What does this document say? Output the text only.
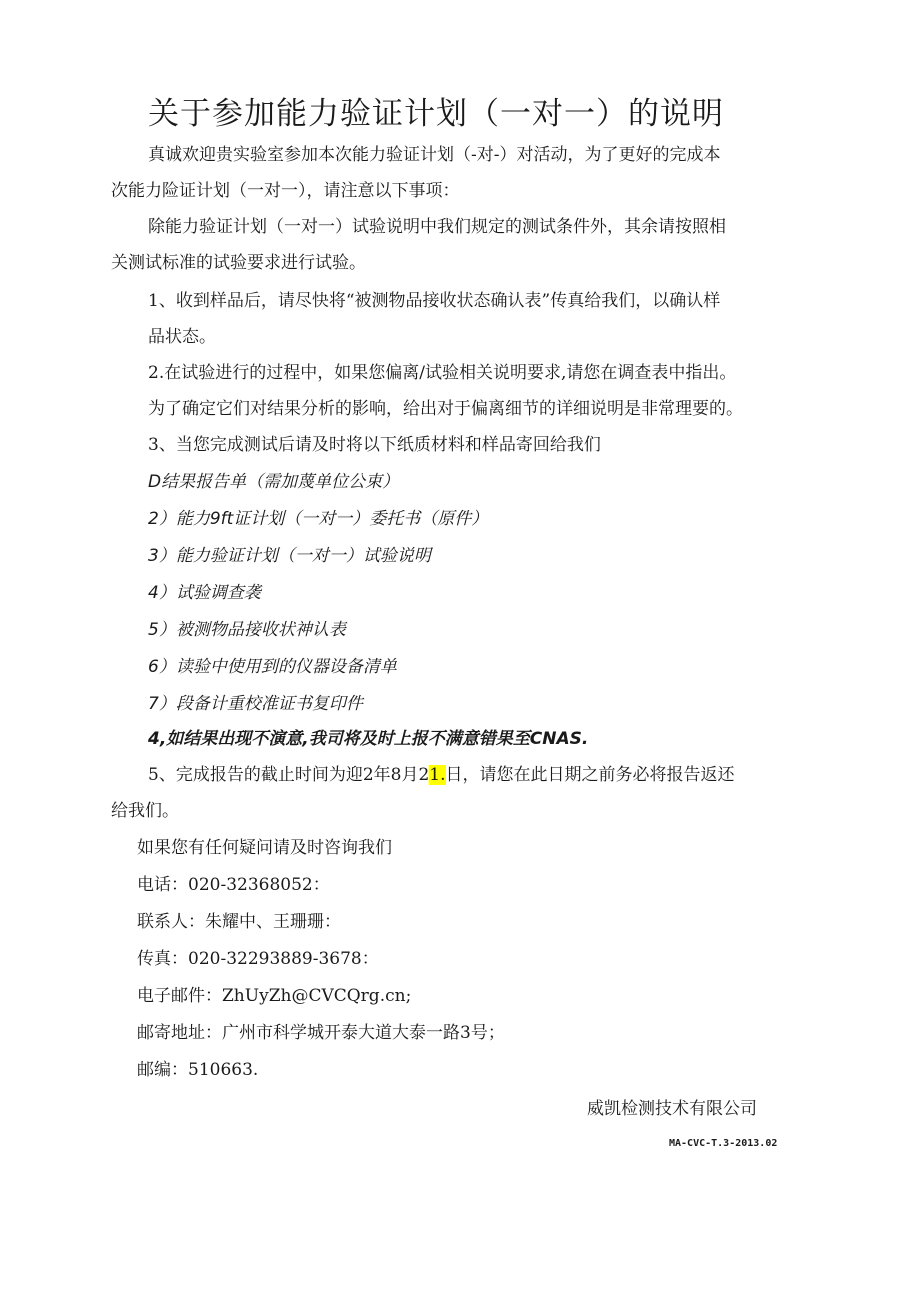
关于参加能力验证计划（一对一）的说明
真诚欢迎贵实验室参加本次能力验证计划（-对-）对活动，为了更好的完成本
次能力险证计划（一对一），请注意以下事项：
除能力验证计划（一对一）试验说明中我们规定的测试条件外，其余请按照相
关测试标准的试验要求进行试验。
1、收到样品后，请尽快将“被测物品接收状态确认表”传真给我们，以确认样
品状态。
2.在试验进行的过程中，如果您偏离/试验相关说明要求,请您在调查表中指出。
为了确定它们对结果分析的影响，给出对于偏离细节的详细说明是非常理要的。
3、当您完成测试后请及时将以下纸质材料和样品寄回给我们
D结果报告单（需加蔑单位公束）
2）能力9ft证计划（一对一）委托书（原件）
3）能力验证计划（一对一）试验说明
4）试验调查袭
5）被测物品接收状神认表
6）读验中使用到的仪器设备清单
7）段备计重校准证书复印件
4,如结果出现不演意,我司将及时上报不满意错果至CNAS.
5、完成报告的截止时间为迎2年8月21.日，请您在此日期之前务必将报告返还
给我们。
如果您有任何疑问请及时咨询我们
电话：020-32368052：
联系人：朱耀中、王珊珊：
传真：020-32293889-3678：
电子邮件：ZhUyZh@CVCQrg.cn;
邮寄地址：广州市科学城开泰大道大泰一路3号；
邮编：510663.
威凯检测技术有限公司
MA-CVC-T.3-2013.02
